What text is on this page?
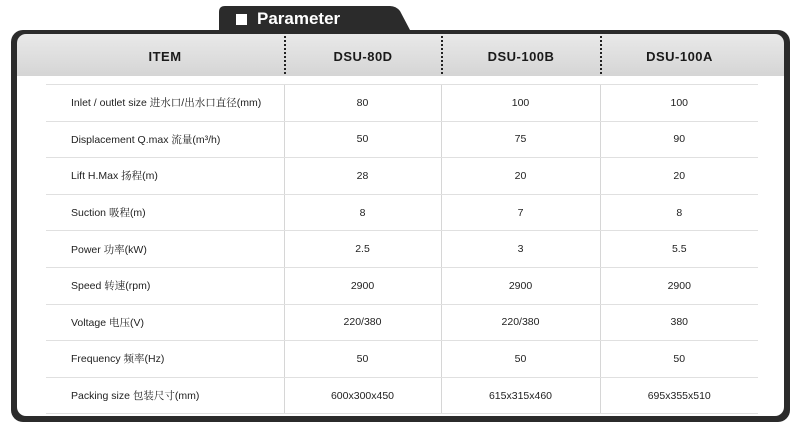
Parameter
ITEM	DSU-80D	DSU-100B	DSU-100A
Inlet / outlet size 进水口/出水口直径(mm)	80	100	100
Displacement Q.max 流量(m³/h)	50	75	90
Lift H.Max 扬程(m)	28	20	20
Suction 吸程(m)	8	7	8
Power 功率(kW)	2.5	3	5.5
Speed 转速(rpm)	2900	2900	2900
Voltage 电压(V)	220/380	220/380	380
Frequency 频率(Hz)	50	50	50
Packing size 包装尺寸(mm)	600x300x450	615x315x460	695x355x510
